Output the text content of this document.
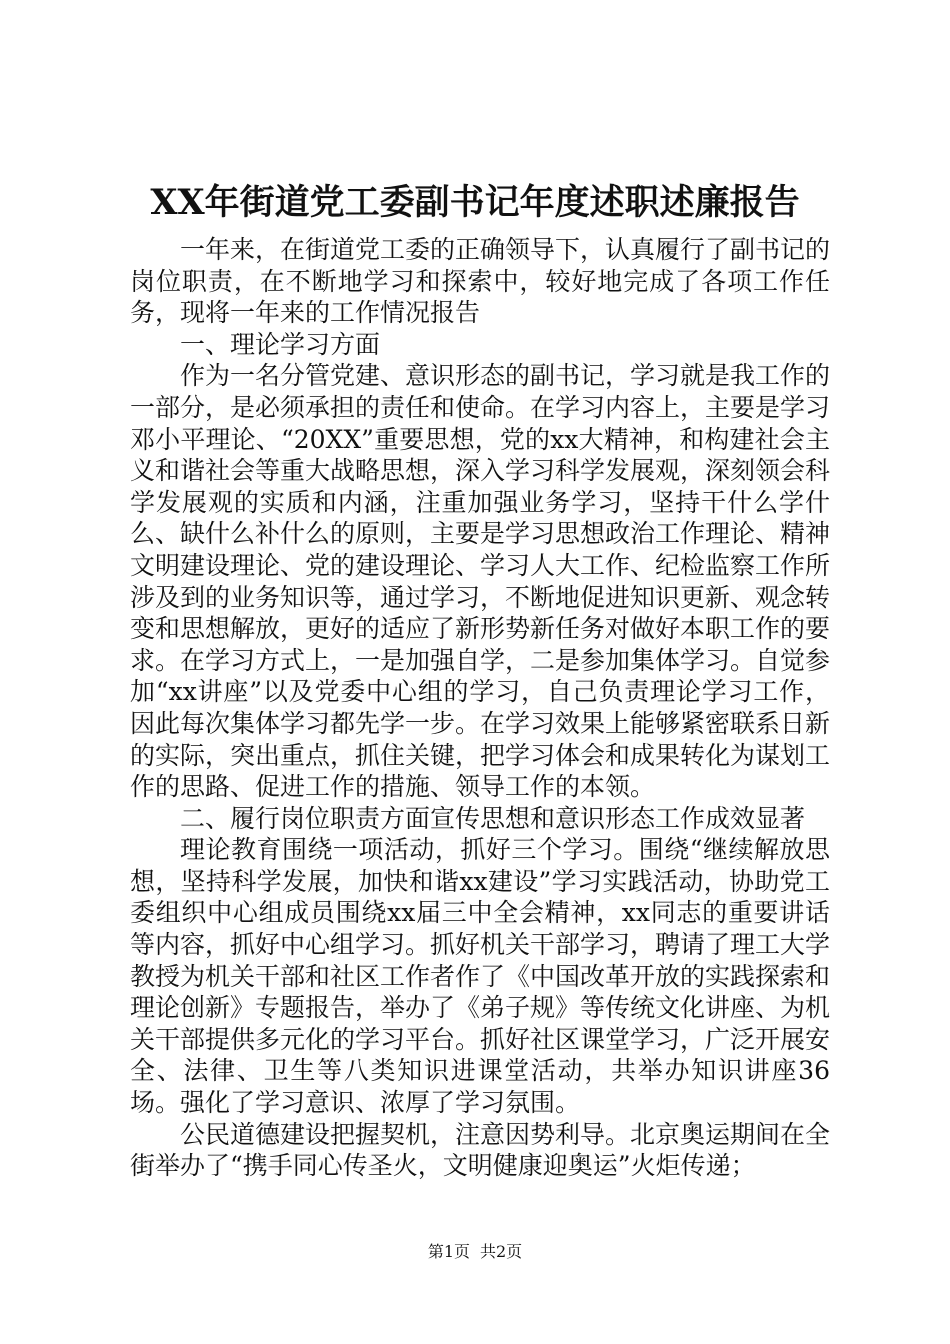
XX年街道党工委副书记年度述职述廉报告

一年来，在街道党工委的正确领导下，认真履行了副书记的岗位职责，在不断地学习和探索中，较好地完成了各项工作任务，现将一年来的工作情况报告

一、理论学习方面

作为一名分管党建、意识形态的副书记，学习就是我工作的一部分，是必须承担的责任和使命。在学习内容上，主要是学习邓小平理论、“20XX”重要思想，党的xx大精神，和构建社会主义和谐社会等重大战略思想，深入学习科学发展观，深刻领会科学发展观的实质和内涵，注重加强业务学习，坚持干什么学什么、缺什么补什么的原则，主要是学习思想政治工作理论、精神文明建设理论、党的建设理论、学习人大工作、纪检监察工作所涉及到的业务知识等，通过学习，不断地促进知识更新、观念转变和思想解放，更好的适应了新形势新任务对做好本职工作的要求。在学习方式上，一是加强自学，二是参加集体学习。自觉参加“xx讲座”以及党委中心组的学习，自己负责理论学习工作，因此每次集体学习都先学一步。在学习效果上能够紧密联系日新的实际，突出重点，抓住关键，把学习体会和成果转化为谋划工作的思路、促进工作的措施、领导工作的本领。

二、履行岗位职责方面宣传思想和意识形态工作成效显著

理论教育围绕一项活动，抓好三个学习。围绕“继续解放思想，坚持科学发展，加快和谐xx建设”学习实践活动，协助党工委组织中心组成员围绕xx届三中全会精神，xx同志的重要讲话等内容，抓好中心组学习。抓好机关干部学习，聘请了理工大学教授为机关干部和社区工作者作了《中国改革开放的实践探索和理论创新》专题报告，举办了《弟子规》等传统文化讲座、为机关干部提供多元化的学习平台。抓好社区课堂学习，广泛开展安全、法律、卫生等八类知识进课堂活动，共举办知识讲座36场。强化了学习意识、浓厚了学习氛围。

公民道德建设把握契机，注意因势利导。北京奥运期间在全街举办了“携手同心传圣火，文明健康迎奥运”火炬传递；

第1页 共2页
